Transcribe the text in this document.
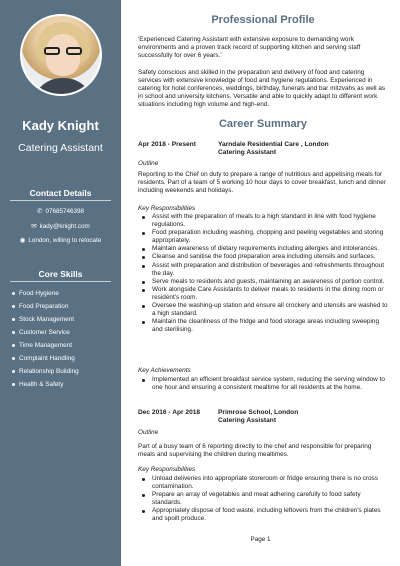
Kady Knight
Catering Assistant
Contact Details
✆ 07685746398
✉ kady@knight.com
◉ London, willing to relocate
Core Skills
Food Hygiene
Food Preparation
Stock Management
Customer Service
Time Management
Complaint Handling
Relationship Building
Health & Safety
Professional Profile
'Experienced Catering Assistant with extensive exposure to demanding work environments and a proven track record of supporting kitchen and serving staff successfully for over 6 years.'
Safety conscious and skilled in the preparation and delivery of food and catering services with extensive knowledge of food and hygiene regulations. Experienced in catering for hotel conferences, weddings, birthday, funerals and bar mitzvahs as well as in school and university kitchens. Versatile and able to quickly adapt to different work situations including high volume and high-end.
Career Summary
Apr 2018 - Present	Yarndale Residential Care , London
Catering Assistant
Outline
Reporting to the Chef on duty to prepare a range of nutritious and appetising meals for residents. Part of a team of 5 working 10 hour days to cover breakfast, lunch and dinner including weekends and holidays.
Key Responsibilities
Assist with the preparation of meals to a high standard in line with food hygiene regulations.
Food preparation including washing, chopping and peeling vegetables and storing appropriately.
Maintain awareness of dietary requirements including allergies and intolerances.
Cleanse and sanitise the food preparation area including utensils and surfaces.
Assist with preparation and distribution of beverages and refreshments throughout the day.
Serve meals to residents and guests, maintaining an awareness of portion control.
Work alongside Care Assistants to deliver meals to residents in the dining room or resident's room.
Oversee the washing-up station and ensure all crockery and utensils are washed to a high standard.
Maintain the cleanliness of the fridge and food storage areas including sweeping and sterilising.
Key Achievements
Implemented an efficient breakfast service system, reducing the serving window to one hour and ensuring a consistent mealtime for all residents at the home.
Dec 2016 - Apr 2018	Primrose School, London
Catering Assistant
Outline
Part of a busy team of 6 reporting directly to the chef and responsible for preparing meals and supervising the children during mealtimes.
Key Responsibilities
Unload deliveries into appropriate storeroom or fridge ensuring there is no cross contamination.
Prepare an array of vegetables and meat adhering carefully to food safety standards.
Appropriately dispose of food waste, including leftovers from the children's plates and spoilt produce.
Page 1
